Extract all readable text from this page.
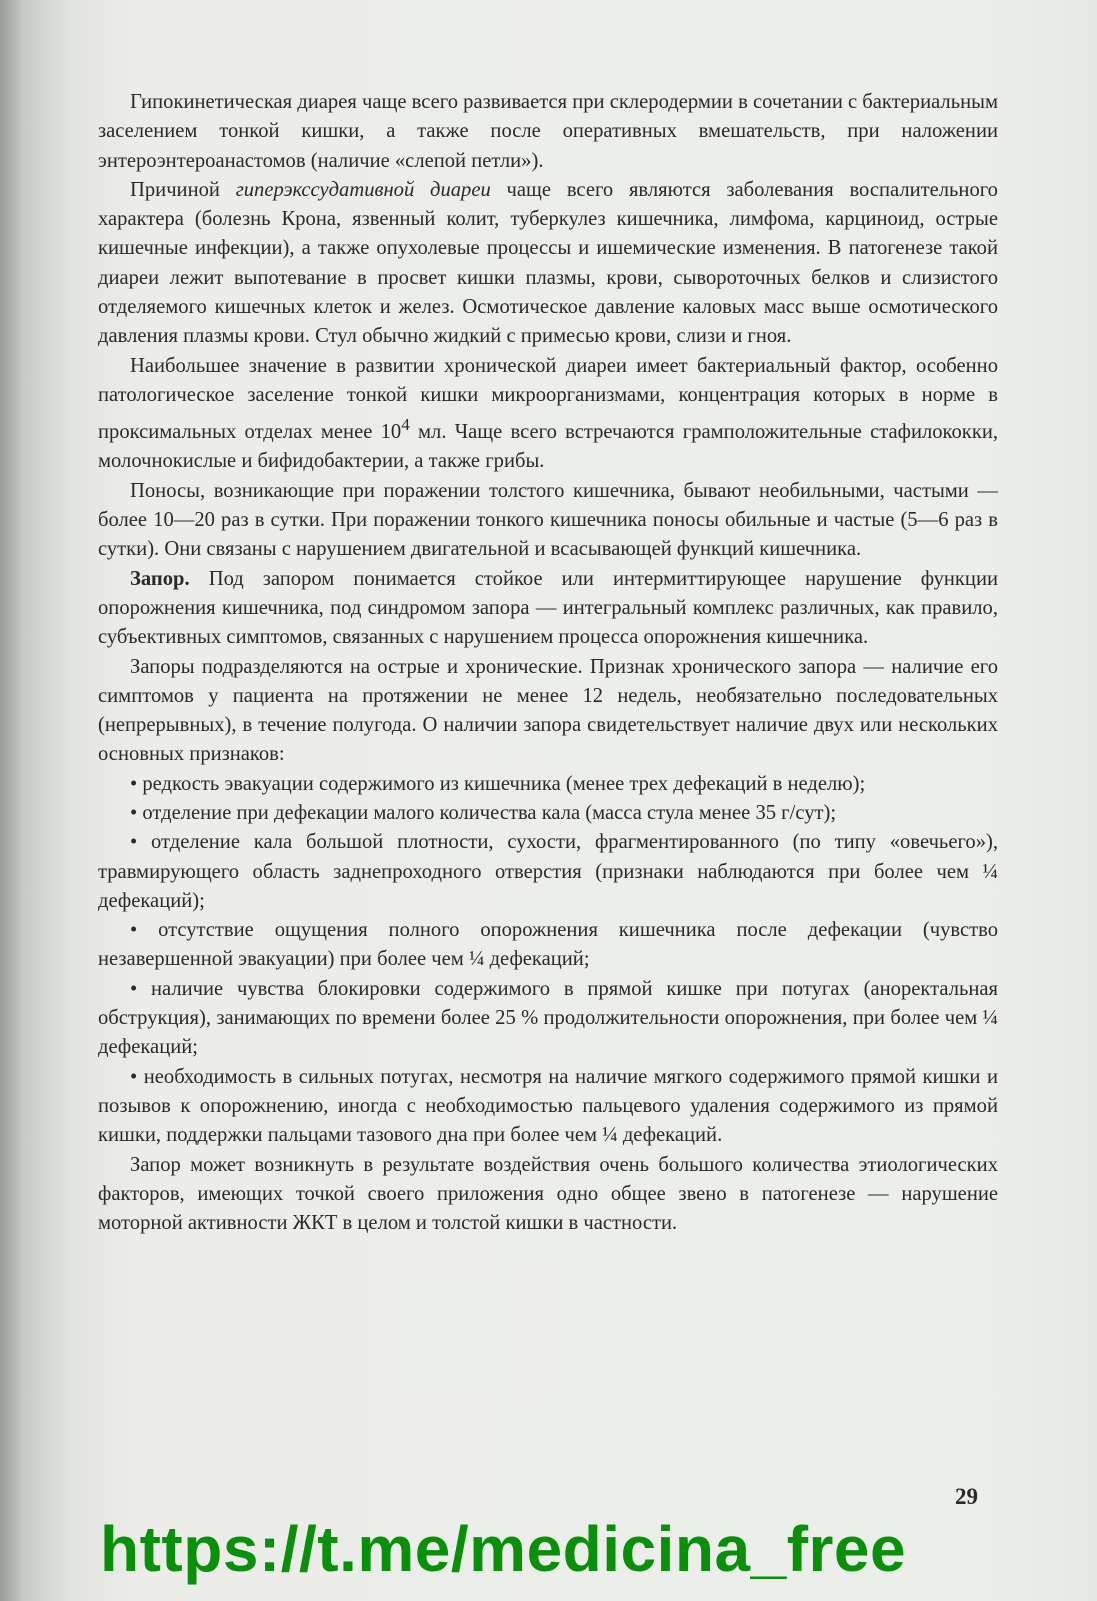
Гипокинетическая диарея чаще всего развивается при склеродермии в сочетании с бактериальным заселением тонкой кишки, а также после оперативных вмешательств, при наложении энтероэнтероанастомов (наличие «слепой петли»).

Причиной гиперэкссудативной диареи чаще всего являются заболевания воспалительного характера (болезнь Крона, язвенный колит, туберкулез кишечника, лимфома, карциноид, острые кишечные инфекции), а также опухолевые процессы и ишемические изменения. В патогенезе такой диареи лежит выпотевание в просвет кишки плазмы, крови, сывороточных белков и слизистого отделяемого кишечных клеток и желез. Осмотическое давление каловых масс выше осмотического давления плазмы крови. Стул обычно жидкий с примесью крови, слизи и гноя.

Наибольшее значение в развитии хронической диареи имеет бактериальный фактор, особенно патологическое заселение тонкой кишки микроорганизмами, концентрация которых в норме в проксимальных отделах менее $10^4$ мл. Чаще всего встречаются грамположительные стафилококки, молочнокислые и бифидобактерии, а также грибы.

Поносы, возникающие при поражении толстого кишечника, бывают необильными, частыми — более 10—20 раз в сутки. При поражении тонкого кишечника поносы обильные и частые (5—6 раз в сутки). Они связаны с нарушением двигательной и всасывающей функций кишечника.

Запор. Под запором понимается стойкое или интермиттирующее нарушение функции опорожнения кишечника, под синдромом запора — интегральный комплекс различных, как правило, субъективных симптомов, связанных с нарушением процесса опорожнения кишечника.

Запоры подразделяются на острые и хронические. Признак хронического запора — наличие его симптомов у пациента на протяжении не менее 12 недель, необязательно последовательных (непрерывных), в течение полугода. О наличии запора свидетельствует наличие двух или нескольких основных признаков:

• редкость эвакуации содержимого из кишечника (менее трех дефекаций в неделю);

• отделение при дефекации малого количества кала (масса стула менее 35 г/сут);

• отделение кала большой плотности, сухости, фрагментированного (по типу «овечьего»), травмирующего область заднепроходного отверстия (признаки наблюдаются при более чем ¼ дефекаций);

• отсутствие ощущения полного опорожнения кишечника после дефекации (чувство незавершенной эвакуации) при более чем ¼ дефекаций;

• наличие чувства блокировки содержимого в прямой кишке при потугах (аноректальная обструкция), занимающих по времени более 25 % продолжительности опорожнения, при более чем ¼ дефекаций;

• необходимость в сильных потугах, несмотря на наличие мягкого содержимого прямой кишки и позывов к опорожнению, иногда с необходимостью пальцевого удаления содержимого из прямой кишки, поддержки пальцами тазового дна при более чем ¼ дефекаций.

Запор может возникнуть в результате воздействия очень большого количества этиологических факторов, имеющих точкой своего приложения одно общее звено в патогенезе — нарушение моторной активности ЖКТ в целом и толстой кишки в частности.

29
https://t.me/medicina_free
